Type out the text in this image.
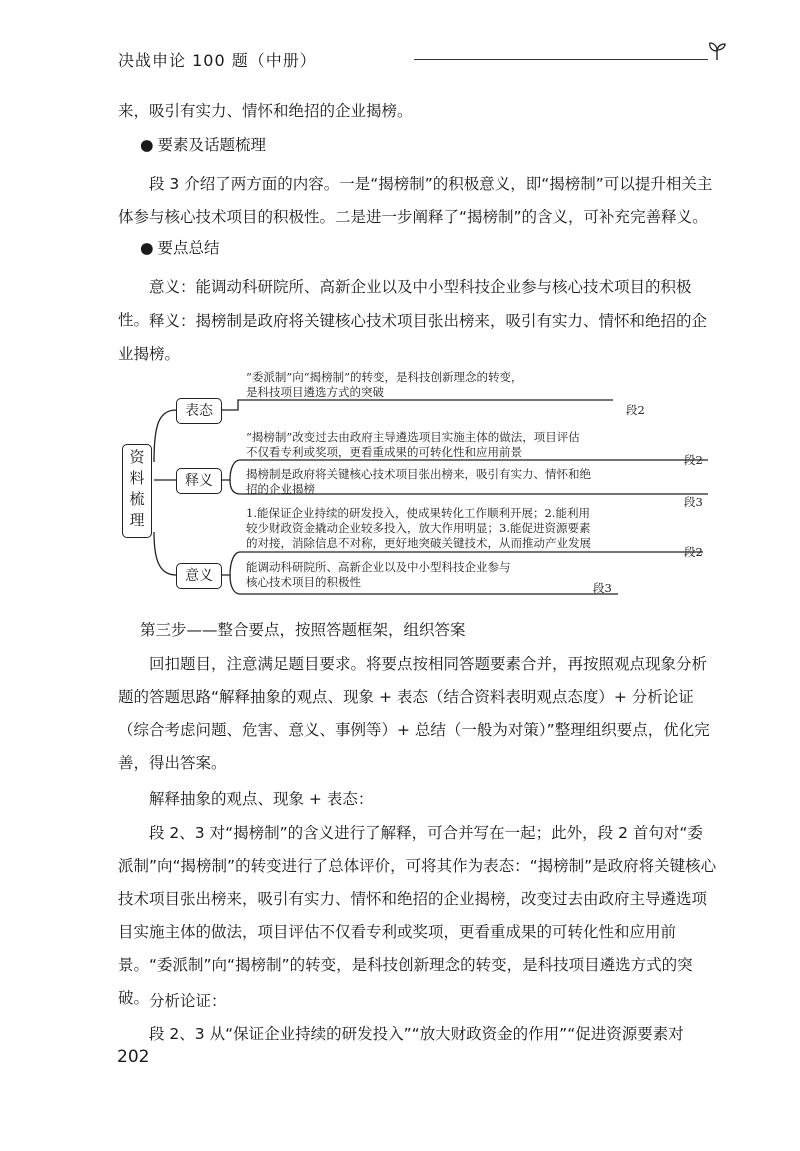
决战申论 100 题（中册）

来，吸引有实力、情怀和绝招的企业揭榜。

● 要素及话题梳理

段 3 介绍了两方面的内容。一是“揭榜制”的积极意义，即“揭榜制”可以提升相关主体参与核心技术项目的积极性。二是进一步阐释了“揭榜制”的含义，可补充完善释义。

● 要点总结

意义：能调动科研院所、高新企业以及中小型科技企业参与核心技术项目的积极性。 释义：揭榜制是政府将关键核心技术项目张出榜来，吸引有实力、情怀和绝招的企业揭榜。

资
料
梳
理
表态
释义
意义
“委派制”向“揭榜制”的转变，是科技创新理念的转变，
是科技项目遴选方式的突破
段2
“揭榜制”改变过去由政府主导遴选项目实施主体的做法，项目评估
不仅看专利或奖项，更看重成果的可转化性和应用前景
段2
揭榜制是政府将关键核心技术项目张出榜来，吸引有实力、情怀和绝
招的企业揭榜
段3
1.能保证企业持续的研发投入，使成果转化工作顺利开展；2.能利用
较少财政资金撬动企业较多投入，放大作用明显；3.能促进资源要素
的对接，消除信息不对称，更好地突破关键技术，从而推动产业发展
段2
能调动科研院所、高新企业以及中小型科技企业参与
核心技术项目的积极性	段3
第三步——整合要点，按照答题框架，组织答案

回扣题目，注意满足题目要求。将要点按相同答题要素合并，再按照观点现象分析题的答题思路“解释抽象的观点、现象 + 表态（结合资料表明观点态度）+ 分析论证（综合考虑问题、危害、意义、事例等）+ 总结（一般为对策）”整理组织要点，优化完善，得出答案。

解释抽象的观点、现象 + 表态：

段 2、3 对“揭榜制”的含义进行了解释，可合并写在一起；此外，段 2 首句对“委派制”向“揭榜制”的转变进行了总体评价，可将其作为表态：“揭榜制”是政府将关键核心技术项目张出榜来，吸引有实力、情怀和绝招的企业揭榜，改变过去由政府主导遴选项目实施主体的做法，项目评估不仅看专利或奖项，更看重成果的可转化性和应用前景。“委派制”向“揭榜制”的转变，是科技创新理念的转变，是科技项目遴选方式的突破。 分析论证：

段 2、3 从“保证企业持续的研发投入”“放大财政资金的作用”“促进资源要素对

202
